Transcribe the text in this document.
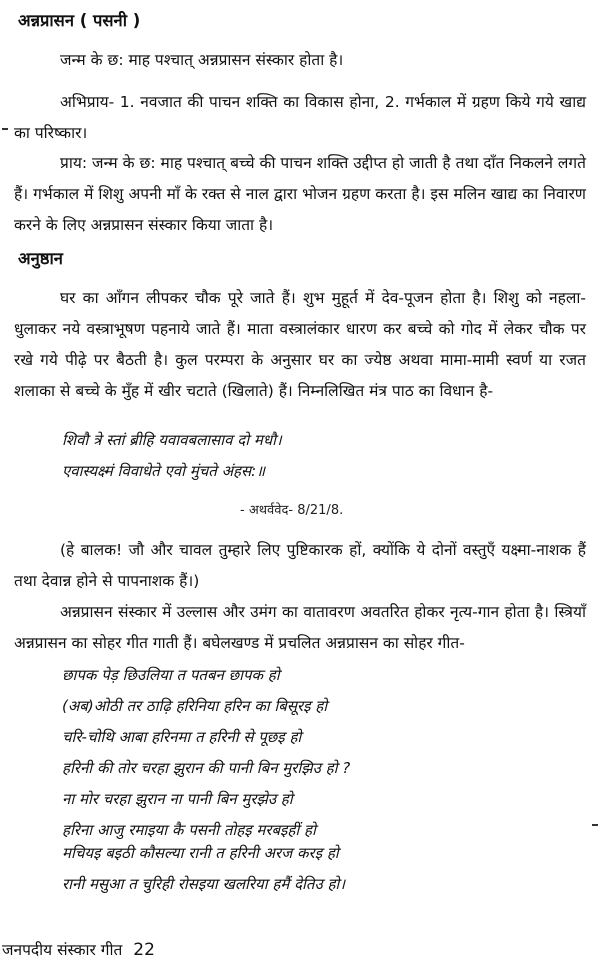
अन्नप्रासन ( पसनी )

जन्म के छ: माह पश्चात् अन्नप्रासन संस्कार होता है।

अभिप्राय- 1. नवजात की पाचन शक्ति का विकास होना, 2. गर्भकाल में ग्रहण किये गये खाद्य का परिष्कार।

प्राय: जन्म के छ: माह पश्चात् बच्चे की पाचन शक्ति उद्दीप्त हो जाती है तथा दाँत निकलने लगते हैं। गर्भकाल में शिशु अपनी माँ के रक्त से नाल द्वारा भोजन ग्रहण करता है। इस मलिन खाद्य का निवारण करने के लिए अन्नप्रासन संस्कार किया जाता है।

अनुष्ठान

घर का आँगन लीपकर चौक पूरे जाते हैं। शुभ मुहूर्त में देव-पूजन होता है। शिशु को नहला-धुलाकर नये वस्त्राभूषण पहनाये जाते हैं। माता वस्त्रालंकार धारण कर बच्चे को गोद में लेकर चौक पर रखे गये पीढ़े पर बैठती है। कुल परम्परा के अनुसार घर का ज्येष्ठ अथवा मामा-मामी स्वर्ण या रजत शलाका से बच्चे के मुँह में खीर चटाते (खिलाते) हैं। निम्नलिखित मंत्र पाठ का विधान है-

शिवौ त्रे स्तां ब्रीहि यवावबलासाव दो मधौ।
एवास्यक्ष्मं विवाधेते एवो मुंचते अंहस:॥
- अथर्ववेद- 8/21/8.

(हे बालक! जौ और चावल तुम्हारे लिए पुष्टिकारक हों, क्योंकि ये दोनों वस्तुएँ यक्ष्मा-नाशक हैं तथा देवान्न होने से पापनाशक हैं।)

अन्नप्रासन संस्कार में उल्लास और उमंग का वातावरण अवतरित होकर नृत्य-गान होता है। स्त्रियाँ अन्नप्रासन का सोहर गीत गाती हैं। बघेलखण्ड में प्रचलित अन्नप्रासन का सोहर गीत-

छापक पेड़ छिउलिया त पतबन छापक हो
(अब)ओठी तर ठाढ़ि हरिनिया हरिन का बिसूरइ हो
चरि-चोथि आबा हरिनमा त हरिनी से पूछइ हो
हरिनी की तोर चरहा झुरान की पानी बिन मुरझिउ हो ?
ना मोर चरहा झुरान ना पानी बिन मुरझेउ हो
हरिना आजु रमाइया कै पसनी तोहइ मरबइहीं हो
मचियइ बइठी कौसल्या रानी त हरिनी अरज करइ हो
रानी मसुआ त चुरिही रोसइया खलरिया हमैं देतिउ हो।
जनपदीय संस्कार गीत 22
